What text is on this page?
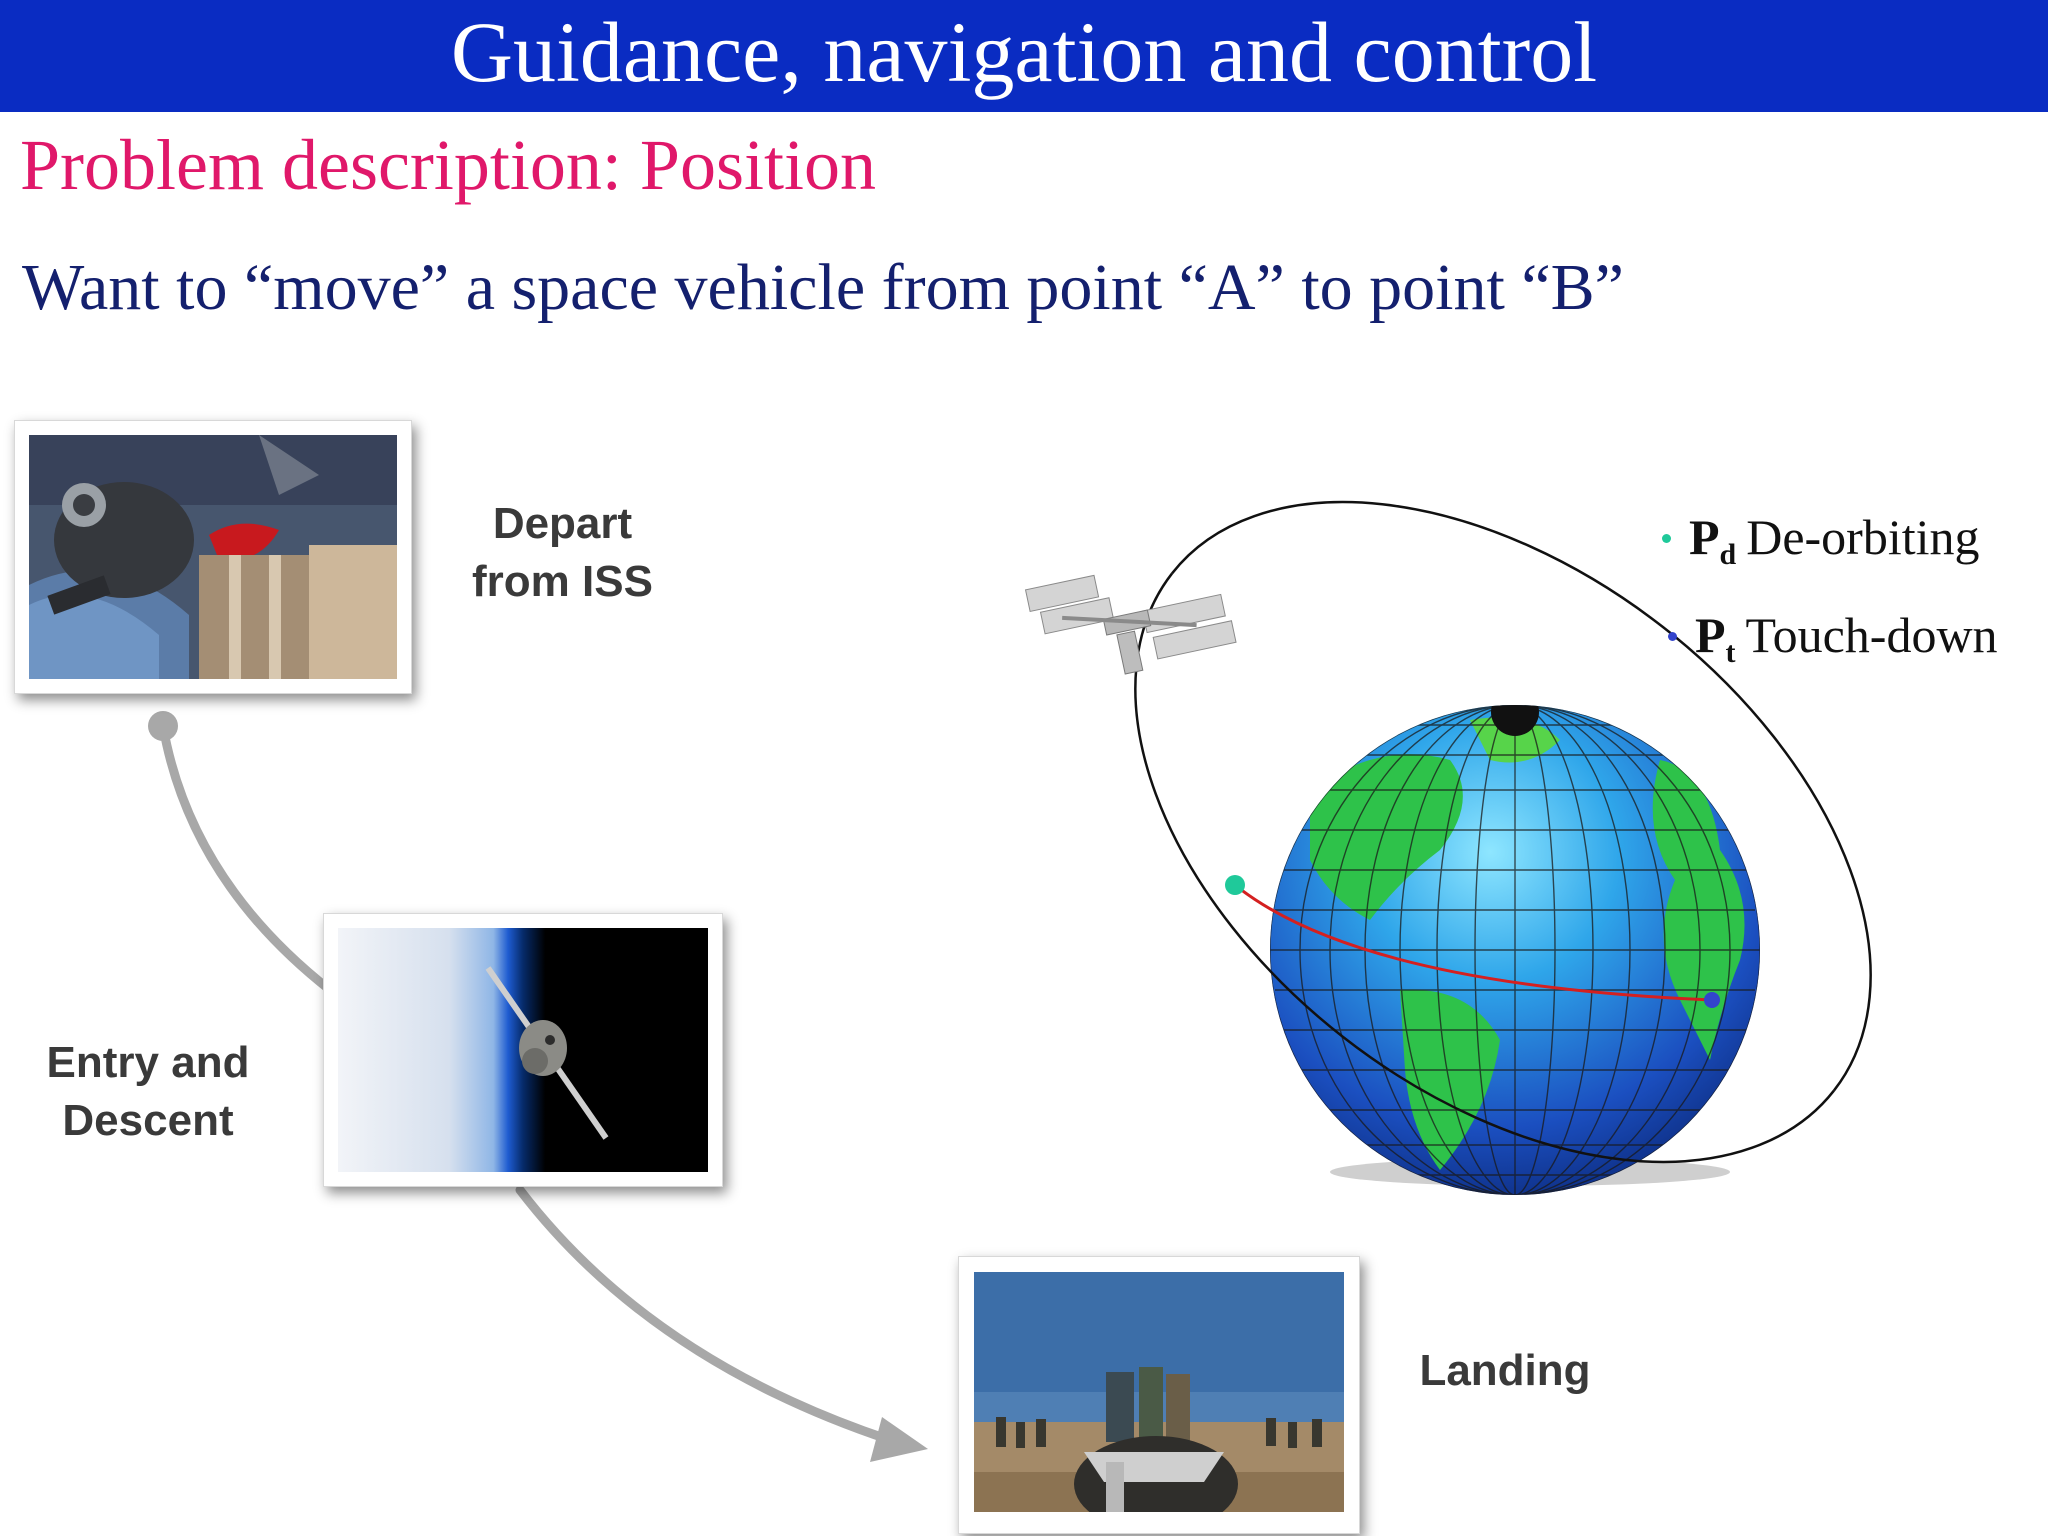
Guidance, navigation and control
Problem description: Position
Want to “move” a space vehicle from point “A” to point “B”
Depart
from ISS
Entry and
Descent
Landing
$P_d$ De-orbiting
$P_t$ Touch-down
